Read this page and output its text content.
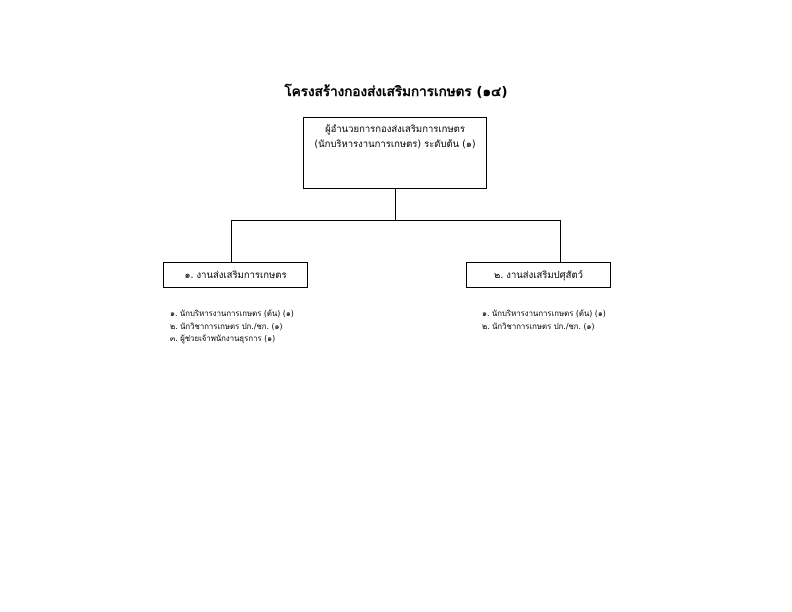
โครงสร้างกองส่งเสริมการเกษตร (๑๔)
ผู้อำนวยการกองส่งเสริมการเกษตร
(นักบริหารงานการเกษตร) ระดับต้น (๑)
๑. งานส่งเสริมการเกษตร	๒. งานส่งเสริมปศุสัตว์
๑. นักบริหารงานการเกษตร (ต้น) (๑)
๒. นักวิชาการเกษตร ปก./ชก. (๑)
๓. ผู้ช่วยเจ้าพนักงานธุรการ (๑)
๑. นักบริหารงานการเกษตร (ต้น) (๑)
๒. นักวิชาการเกษตร ปก./ชก. (๑)
